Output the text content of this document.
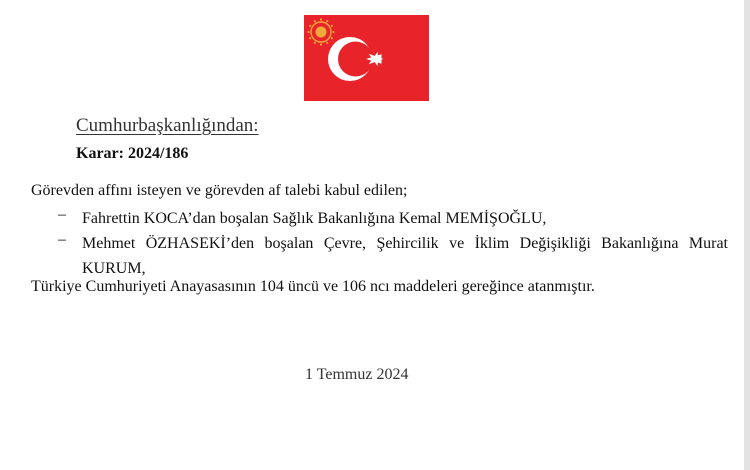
Cumhurbaşkanlığından:
Karar: 2024/186
Görevden affını isteyen ve görevden af talebi kabul edilen;
–	Fahrettin KOCA’dan boşalan Sağlık Bakanlığına Kemal MEMİŞOĞLU,
–	Mehmet ÖZHASEKİ’den boşalan Çevre, Şehircilik ve İklim Değişikliği Bakanlığına Murat KURUM,
Türkiye Cumhuriyeti Anayasasının 104 üncü ve 106 ncı maddeleri gereğince atanmıştır.
1 Temmuz 2024
